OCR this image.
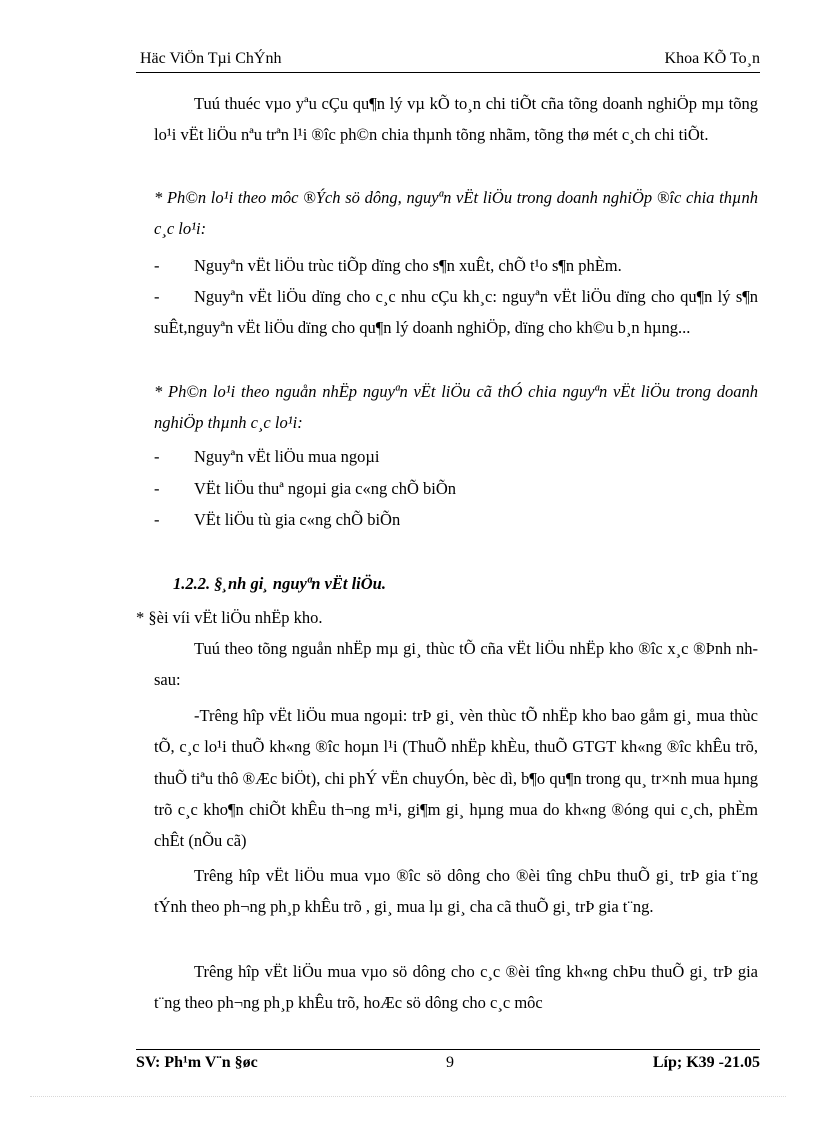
Häc ViÖn Tµi ChÝnh	Khoa KÕ To¸n

Tuú thuéc vµo yªu cÇu qu¶n lý vµ kÕ to¸n chi tiÕt cña tõng doanh nghiÖp mµ tõng lo¹i vËt liÖu nªu trªn l¹i ®îc ph©n chia thµnh tõng nhãm, tõng thø mét c¸ch chi tiÕt.

* Ph©n lo¹i theo môc ®Ých sö dông, nguyªn vËt liÖu trong doanh nghiÖp ®îc chia thµnh c¸c lo¹i:

- Nguyªn vËt liÖu trùc tiÕp dïng cho s¶n xuÊt, chÕ t¹o s¶n phÈm.
-	Nguyªn vËt liÖu dïng cho c¸c nhu cÇu kh¸c: nguyªn vËt liÖu dïng cho qu¶n lý s¶n suÊt,nguyªn vËt liÖu dïng cho qu¶n lý doanh nghiÖp, dïng cho kh©u b¸n hµng...

* Ph©n lo¹i theo nguån nhËp nguyªn vËt liÖu cã thÓ chia nguyªn vËt liÖu trong doanh nghiÖp thµnh c¸c lo¹i:

- Nguyªn vËt liÖu mua ngoµi
- VËt liÖu thuª ngoµi gia c«ng chÕ biÕn
- VËt liÖu tù gia c«ng chÕ biÕn
1.2.2. §¸nh gi¸ nguyªn vËt liÖu.

* §èi víi vËt liÖu nhËp kho.

Tuú theo tõng nguån nhËp mµ gi¸ thùc tÕ cña vËt liÖu nhËp kho ®îc x¸c ®Þnh nh sau:

-Trêng hîp vËt liÖu mua ngoµi: trÞ gi¸ vèn thùc tÕ nhËp kho bao gåm gi¸ mua thùc tÕ, c¸c lo¹i thuÕ kh«ng ®îc hoµn l¹i (ThuÕ nhËp khÈu, thuÕ GTGT kh«ng ®îc khÊu trõ, thuÕ tiªu thô ®Æc biÖt), chi phÝ vËn chuyÓn, bèc dì, b¶o qu¶n trong qu¸ tr×nh mua hµng trõ c¸c kho¶n chiÕt khÊu th¬ng m¹i, gi¶m gi¸ hµng mua do kh«ng ®óng qui c¸ch, phÈm chÊt (nÕu cã)

Trêng hîp vËt liÖu mua vµo ®îc sö dông cho ®èi tîng chÞu thuÕ gi¸ trÞ gia t¨ng tÝnh theo ph¬ng ph¸p khÊu trõ , gi¸ mua lµ gi¸ cha cã thuÕ gi¸ trÞ gia t¨ng.

Trêng hîp vËt liÖu mua vµo sö dông cho c¸c ®èi tîng kh«ng chÞu thuÕ gi¸ trÞ gia t¨ng theo ph¬ng ph¸p khÊu trõ, hoÆc sö dông cho c¸c môc

SV: Ph¹m V¨n §øc	9	Líp; K39 -21.05
